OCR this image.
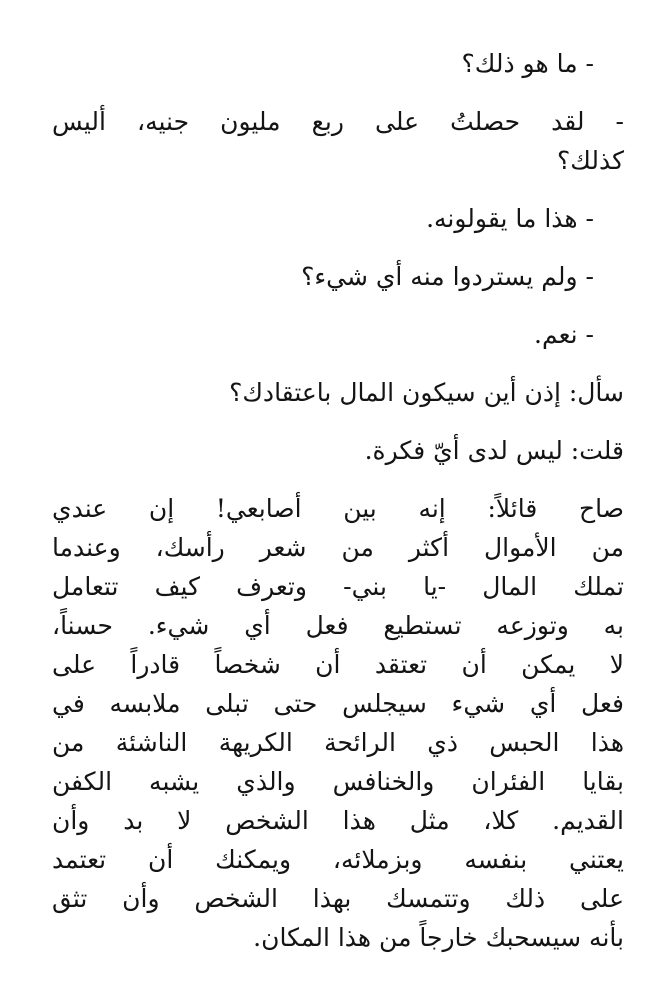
- ما هو ذلك؟

- لقد حصلتُ على ربع مليون جنيه، أليس

كذلك؟

- هذا ما يقولونه.

- ولم يستردوا منه أي شيء؟

- نعم.

سأل: إذن أين سيكون المال باعتقادك؟

قلت: ليس لدى أيّ فكرة.

صاح قائلاً: إنه بين أصابعي! إن عندي

من الأموال أكثر من شعر رأسك، وعندما

تملك المال -يا بني- وتعرف كيف تتعامل

به وتوزعه تستطيع فعل أي شيء. حسناً،

لا يمكن أن تعتقد أن شخصاً قادراً على

فعل أي شيء سيجلس حتى تبلى ملابسه في

هذا الحبس ذي الرائحة الكريهة الناشئة من

بقايا الفئران والخنافس والذي يشبه الكفن

القديم. كلا، مثل هذا الشخص لا بد وأن

يعتني بنفسه وبزملائه، ويمكنك أن تعتمد

على ذلك وتتمسك بهذا الشخص وأن تثق

بأنه سيسحبك خارجاً من هذا المكان.
